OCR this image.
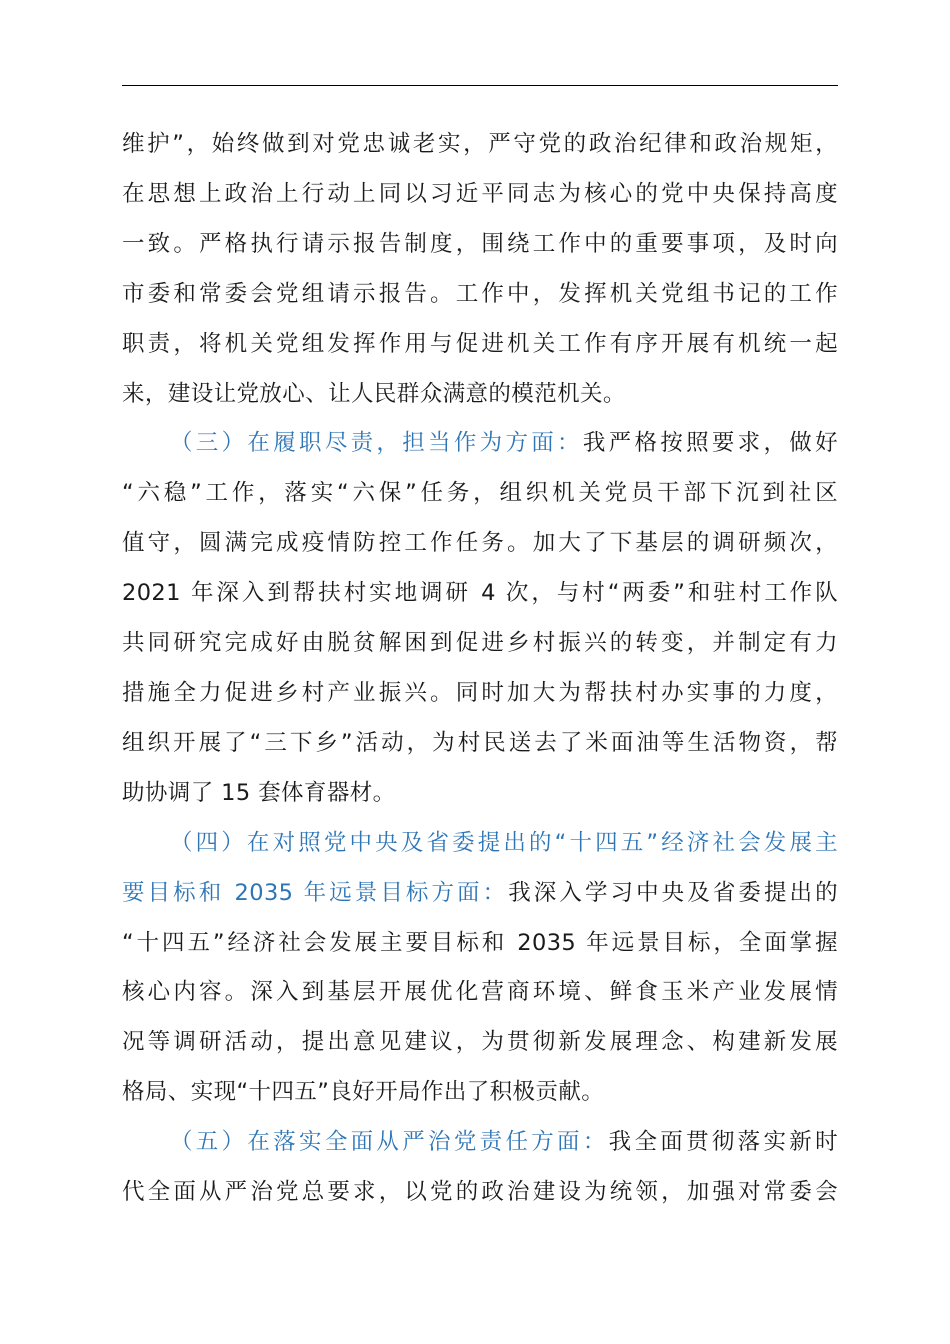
维护”，始终做到对党忠诚老实，严守党的政治纪律和政治规矩，
在思想上政治上行动上同以习近平同志为核心的党中央保持高度
一致。严格执行请示报告制度，围绕工作中的重要事项，及时向
市委和常委会党组请示报告。工作中，发挥机关党组书记的工作
职责，将机关党组发挥作用与促进机关工作有序开展有机统一起
来，建设让党放心、让人民群众满意的模范机关。
（三）在履职尽责，担当作为方面：我严格按照要求，做好
“六稳”工作，落实“六保”任务，组织机关党员干部下沉到社区
值守，圆满完成疫情防控工作任务。加大了下基层的调研频次，
2021 年深入到帮扶村实地调研 4 次，与村“两委”和驻村工作队
共同研究完成好由脱贫解困到促进乡村振兴的转变，并制定有力
措施全力促进乡村产业振兴。同时加大为帮扶村办实事的力度，
组织开展了“三下乡”活动，为村民送去了米面油等生活物资，帮
助协调了 15 套体育器材。
（四）在对照党中央及省委提出的“十四五”经济社会发展主
要目标和 2035 年远景目标方面：我深入学习中央及省委提出的
“十四五”经济社会发展主要目标和 2035 年远景目标，全面掌握
核心内容。深入到基层开展优化营商环境、鲜食玉米产业发展情
况等调研活动，提出意见建议，为贯彻新发展理念、构建新发展
格局、实现“十四五”良好开局作出了积极贡献。
（五）在落实全面从严治党责任方面：我全面贯彻落实新时
代全面从严治党总要求，以党的政治建设为统领，加强对常委会
